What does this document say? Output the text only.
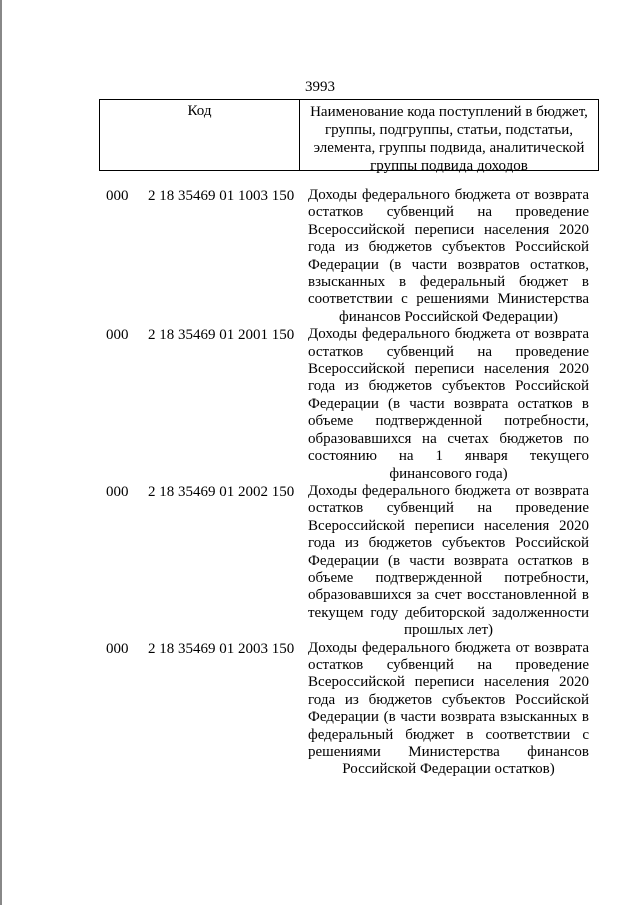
3993
Код	Наименование кода поступлений в бюджет, группы, подгруппы, статьи, подстатьи, элемента, группы подвида, аналитической группы подвида доходов
000 2 18 35469 01 1003 150 Доходы федерального бюджета от возврата остатков субвенций на проведение Всероссийской переписи населения 2020 года из бюджетов субъектов Российской Федерации (в части возвратов остатков, взысканных в федеральный бюджет в соответствии с решениями Министерства финансов Российской Федерации)
000 2 18 35469 01 2001 150 Доходы федерального бюджета от возврата остатков субвенций на проведение Всероссийской переписи населения 2020 года из бюджетов субъектов Российской Федерации (в части возврата остатков в объеме подтвержденной потребности, образовавшихся на счетах бюджетов по состоянию на 1 января текущего финансового года)
000 2 18 35469 01 2002 150 Доходы федерального бюджета от возврата остатков субвенций на проведение Всероссийской переписи населения 2020 года из бюджетов субъектов Российской Федерации (в части возврата остатков в объеме подтвержденной потребности, образовавшихся за счет восстановленной в текущем году дебиторской задолженности прошлых лет)
000 2 18 35469 01 2003 150 Доходы федерального бюджета от возврата остатков субвенций на проведение Всероссийской переписи населения 2020 года из бюджетов субъектов Российской Федерации (в части возврата взысканных в федеральный бюджет в соответствии с решениями Министерства финансов Российской Федерации остатков)
